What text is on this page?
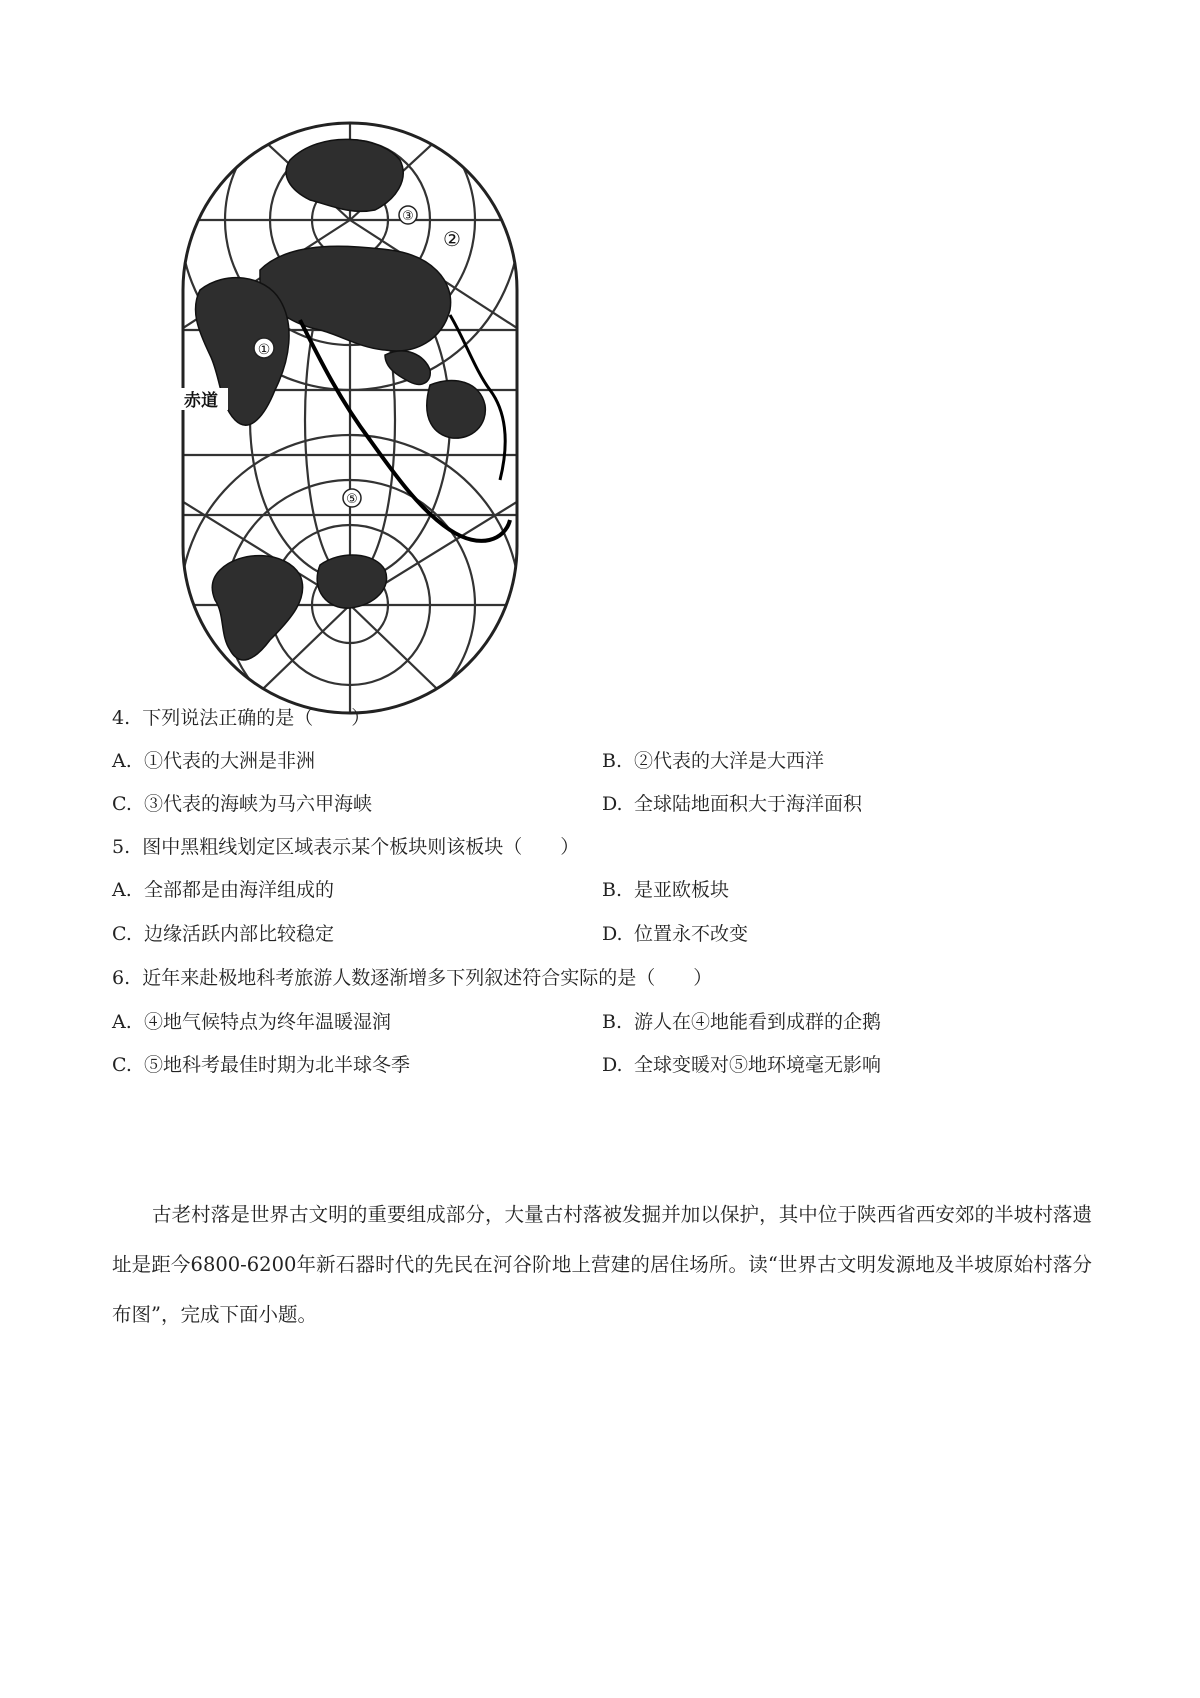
③
②
①
⑤
赤道
4. 下列说法正确的是（　　）
A. ①代表的大洲是非洲	B. ②代表的大洋是大西洋
C. ③代表的海峡为马六甲海峡	D. 全球陆地面积大于海洋面积
5. 图中黑粗线划定区域表示某个板块则该板块（　　）
A. 全部都是由海洋组成的	B. 是亚欧板块
C. 边缘活跃内部比较稳定	D. 位置永不改变
6. 近年来赴极地科考旅游人数逐渐增多下列叙述符合实际的是（　　）
A. ④地气候特点为终年温暖湿润	B. 游人在④地能看到成群的企鹅
C. ⑤地科考最佳时期为北半球冬季	D. 全球变暖对⑤地环境毫无影响

古老村落是世界古文明的重要组成部分，大量古村落被发掘并加以保护，其中位于陕西省西安郊的半坡村落遗址是距今6800-6200年新石器时代的先民在河谷阶地上营建的居住场所。读“世界古文明发源地及半坡原始村落分布图”，完成下面小题。
